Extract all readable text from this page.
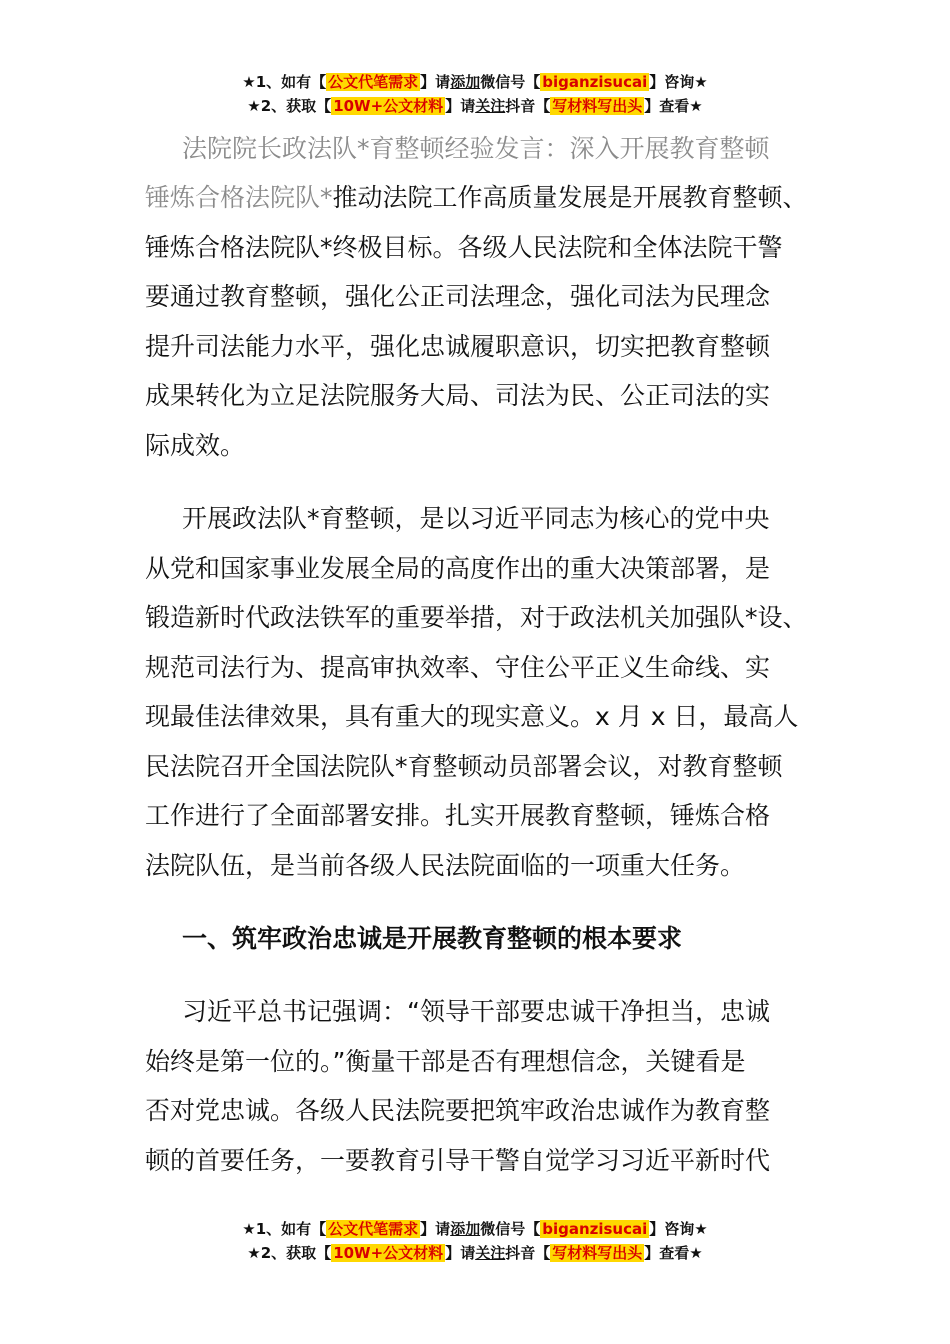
★1、如有【 公文代笔需求 】请添加微信号【 biganzisucai 】咨询★
★2、获取【 10W+公文材料 】请关注抖音【 写材料写出头 】查看★
法院院长政法队*育整顿经验发言：深入开展教育整顿
锤炼合格法院队*推动法院工作高质量发展是开展教育整顿、
锤炼合格法院队*终极目标。各级人民法院和全体法院干警
要通过教育整顿，强化公正司法理念，强化司法为民理念
提升司法能力水平，强化忠诚履职意识，切实把教育整顿
成果转化为立足法院服务大局、司法为民、公正司法的实
际成效。
开展政法队*育整顿，是以习近平同志为核心的党中央
从党和国家事业发展全局的高度作出的重大决策部署，是
锻造新时代政法铁军的重要举措，对于政法机关加强队*设、
规范司法行为、提高审执效率、守住公平正义生命线、实
现最佳法律效果，具有重大的现实意义。x 月 x 日，最高人
民法院召开全国法院队*育整顿动员部署会议，对教育整顿
工作进行了全面部署安排。扎实开展教育整顿，锤炼合格
法院队伍，是当前各级人民法院面临的一项重大任务。
一、筑牢政治忠诚是开展教育整顿的根本要求
习近平总书记强调：“领导干部要忠诚干净担当，忠诚
始终是第一位的。”衡量干部是否有理想信念，关键看是
否对党忠诚。各级人民法院要把筑牢政治忠诚作为教育整
顿的首要任务，一要教育引导干警自觉学习习近平新时代
★1、如有【 公文代笔需求 】请添加微信号【 biganzisucai 】咨询★
★2、获取【 10W+公文材料 】请关注抖音【 写材料写出头 】查看★
